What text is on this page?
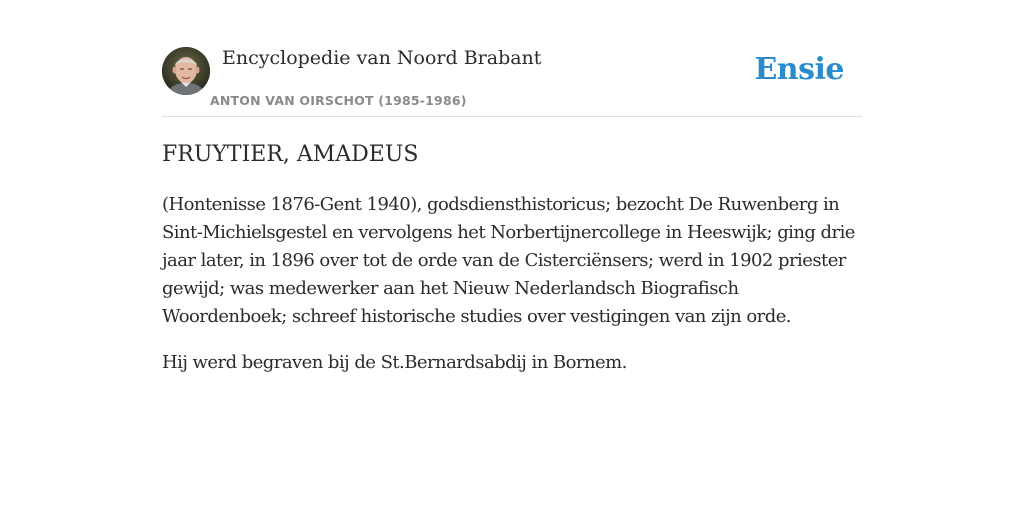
Encyclopedie van Noord Brabant
ANTON VAN OIRSCHOT (1985-1986)
Ensie
FRUYTIER, AMADEUS

(Hontenisse 1876-Gent 1940), godsdiensthistoricus; bezocht De Ruwenberg in Sint-Michielsgestel en vervolgens het Norbertijnercollege in Heeswijk; ging drie jaar later, in 1896 over tot de orde van de Cisterciënsers; werd in 1902 priester gewijd; was medewerker aan het Nieuw Nederlandsch Biografisch Woordenboek; schreef historische studies over vestigingen van zijn orde.

Hij werd begraven bij de St.Bernardsabdij in Bornem.
